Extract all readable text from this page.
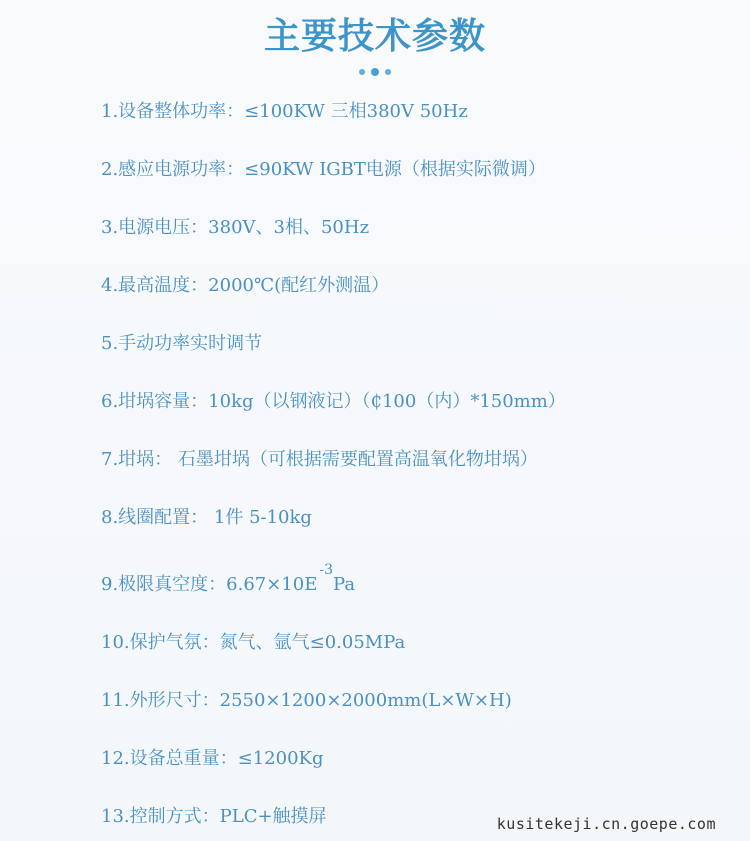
主要技术参数

1.设备整体功率：≤100KW 三相380V 50Hz
2.感应电源功率：≤90KW IGBT电源（根据实际微调）
3.电源电压：380V、3相、50Hz
4.最高温度：2000℃(配红外测温）
5.手动功率实时调节
6.坩埚容量：10kg（以钢液记）（₵100（内）*150mm）
7.坩埚： 石墨坩埚（可根据需要配置高温氧化物坩埚）
8.线圈配置： 1件 5-10kg
9.极限真空度：$6.67\times 10E^{-3}Pa$
10.保护气氛：氮气、氩气≤0.05MPa
11.外形尺寸：2550×1200×2000mm(L×W×H)
12.设备总重量：≤1200Kg
13.控制方式：PLC+触摸屏	kusitekeji.cn.goepe.com
